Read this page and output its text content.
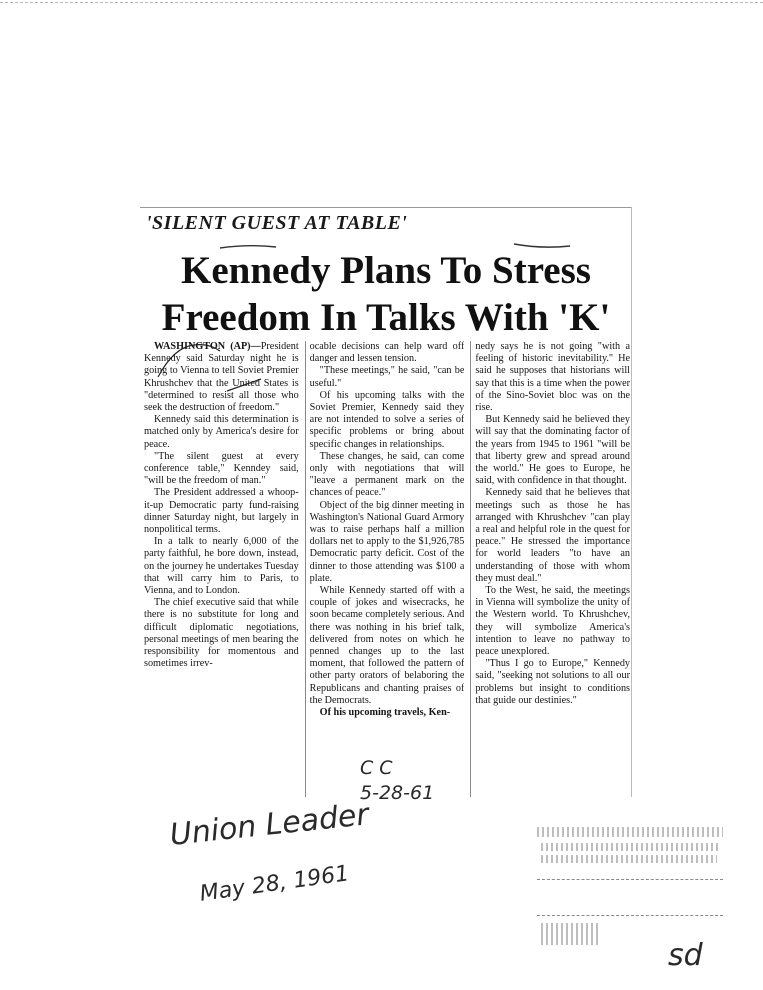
'SILENT GUEST AT TABLE'
Kennedy Plans To Stress
Freedom In Talks With 'K'

WASHINGTON (AP)—President Kennedy said Saturday night he is going to Vienna to tell Soviet Premier Khrushchev that the United States is "determined to resist all those who seek the destruction of freedom."

Kennedy said this determination is matched only by America's desire for peace.

"The silent guest at every conference table," Kenndey said, "will be the freedom of man."

The President addressed a whoop-it-up Democratic party fund-raising dinner Saturday night, but largely in nonpolitical terms.

In a talk to nearly 6,000 of the party faithful, he bore down, instead, on the journey he undertakes Tuesday that will carry him to Paris, to Vienna, and to London.

The chief executive said that while there is no substitute for long and difficult diplomatic negotiations, personal meetings of men bearing the responsibility for momentous and sometimes irrev-

ocable decisions can help ward off danger and lessen tension.

"These meetings," he said, "can be useful."

Of his upcoming talks with the Soviet Premier, Kennedy said they are not intended to solve a series of specific problems or bring about specific changes in relationships.

These changes, he said, can come only with negotiations that will "leave a permanent mark on the chances of peace."

Object of the big dinner meeting in Washington's National Guard Armory was to raise perhaps half a million dollars net to apply to the $1,926,785 Democratic party deficit. Cost of the dinner to those attending was $100 a plate.

While Kennedy started off with a couple of jokes and wisecracks, he soon became completely serious. And there was nothing in his brief talk, delivered from notes on which he penned changes up to the last moment, that followed the pattern of other party orators of belaboring the Republicans and chanting praises of the Democrats.

Of his upcoming travels, Ken-

nedy says he is not going "with a feeling of historic inevitability." He said he supposes that historians will say that this is a time when the power of the Sino-Soviet bloc was on the rise.

But Kennedy said he believed they will say that the dominating factor of the years from 1945 to 1961 "will be that liberty grew and spread around the world." He goes to Europe, he said, with confidence in that thought.

Kennedy said that he believes that meetings such as those he has arranged with Khrushchev "can play a real and helpful role in the quest for peace." He stressed the importance for world leaders "to have an understanding of those with whom they must deal."

To the West, he said, the meetings in Vienna will symbolize the unity of the Western world. To Khrushchev, they will symbolize America's intention to leave no pathway to peace unexplored.

"Thus I go to Europe," Kennedy said, "seeking not solutions to all our problems but insight to conditions that guide our destinies."

C C
5-28-61
Union Leader
May 28, 1961
sd
